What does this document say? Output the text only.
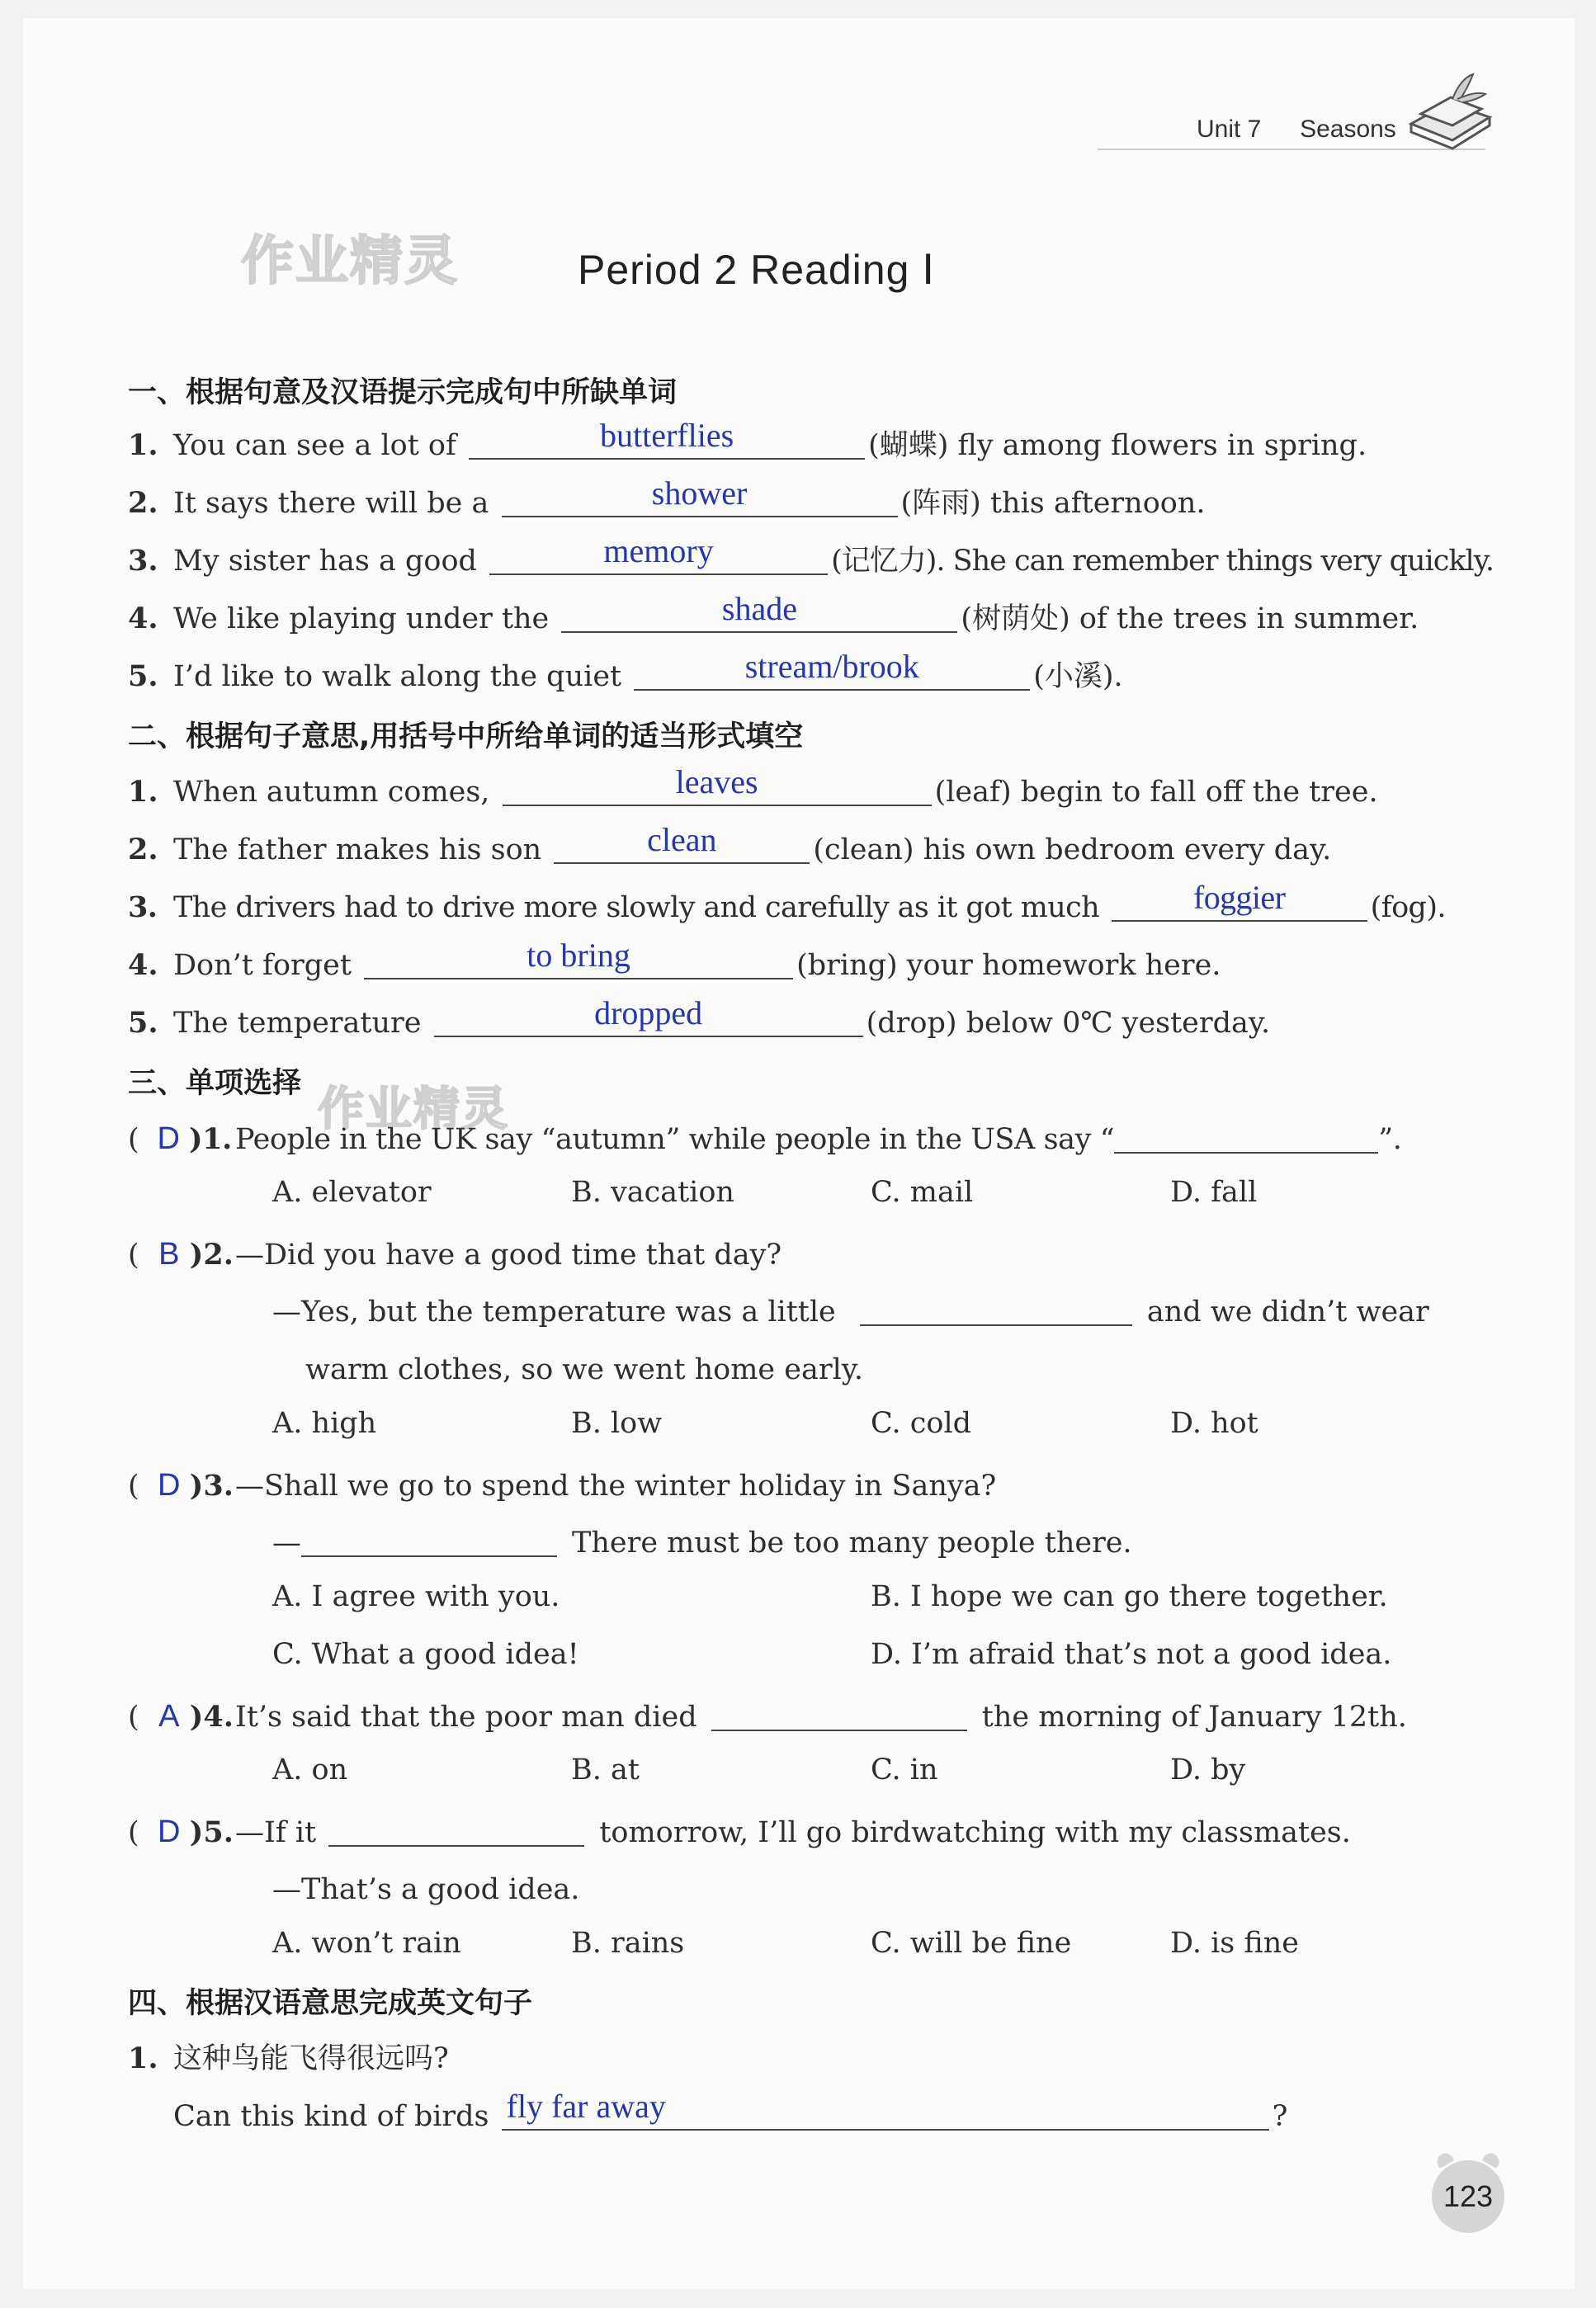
Unit 7 Seasons
作业精灵
作业精灵
Period 2 Reading Ⅰ
一、根据句意及汉语提示完成句中所缺单词
1. You can see a lot of	butterflies	(蝴蝶) fly among flowers in spring.
2. It says there will be a	shower	(阵雨) this afternoon.
3. My sister has a good	memory	(记忆力). She can remember things very quickly.
4. We like playing under the	shade	(树荫处) of the trees in summer.
5. I’d like to walk along the quiet	stream/brook	(小溪).
二、根据句子意思,用括号中所给单词的适当形式填空
1. When autumn comes,	leaves	(leaf) begin to fall off the tree.
2. The father makes his son	clean	(clean) his own bedroom every day.
3. The drivers had to drive more slowly and carefully as it got much	foggier	(fog).
4. Don’t forget	to bring	(bring) your homework here.
5. The temperature	dropped	(drop) below 0℃ yesterday.
三、单项选择
( D )1. People in the UK say “autumn” while people in the USA say “	”.
A. elevator	B. vacation	C. mail	D. fall
( B )2.—Did you have a good time that day?
—Yes, but the temperature was a little	and we didn’t wear
warm clothes, so we went home early.
A. high	B. low	C. cold	D. hot
( D )3.—Shall we go to spend the winter holiday in Sanya?
—	There must be too many people there.
A. I agree with you.	B. I hope we can go there together.
C. What a good idea!	D. I’m afraid that’s not a good idea.
( A )4.It’s said that the poor man died	the morning of January 12th.
A. on	B. at	C. in	D. by
( D )5.—If it	tomorrow, I’ll go birdwatching with my classmates.
—That’s a good idea.
A. won’t rain	B. rains	C. will be fine	D. is fine
四、根据汉语意思完成英文句子
1. 这种鸟能飞得很远吗?
Can this kind of birds fly far away	?
123
